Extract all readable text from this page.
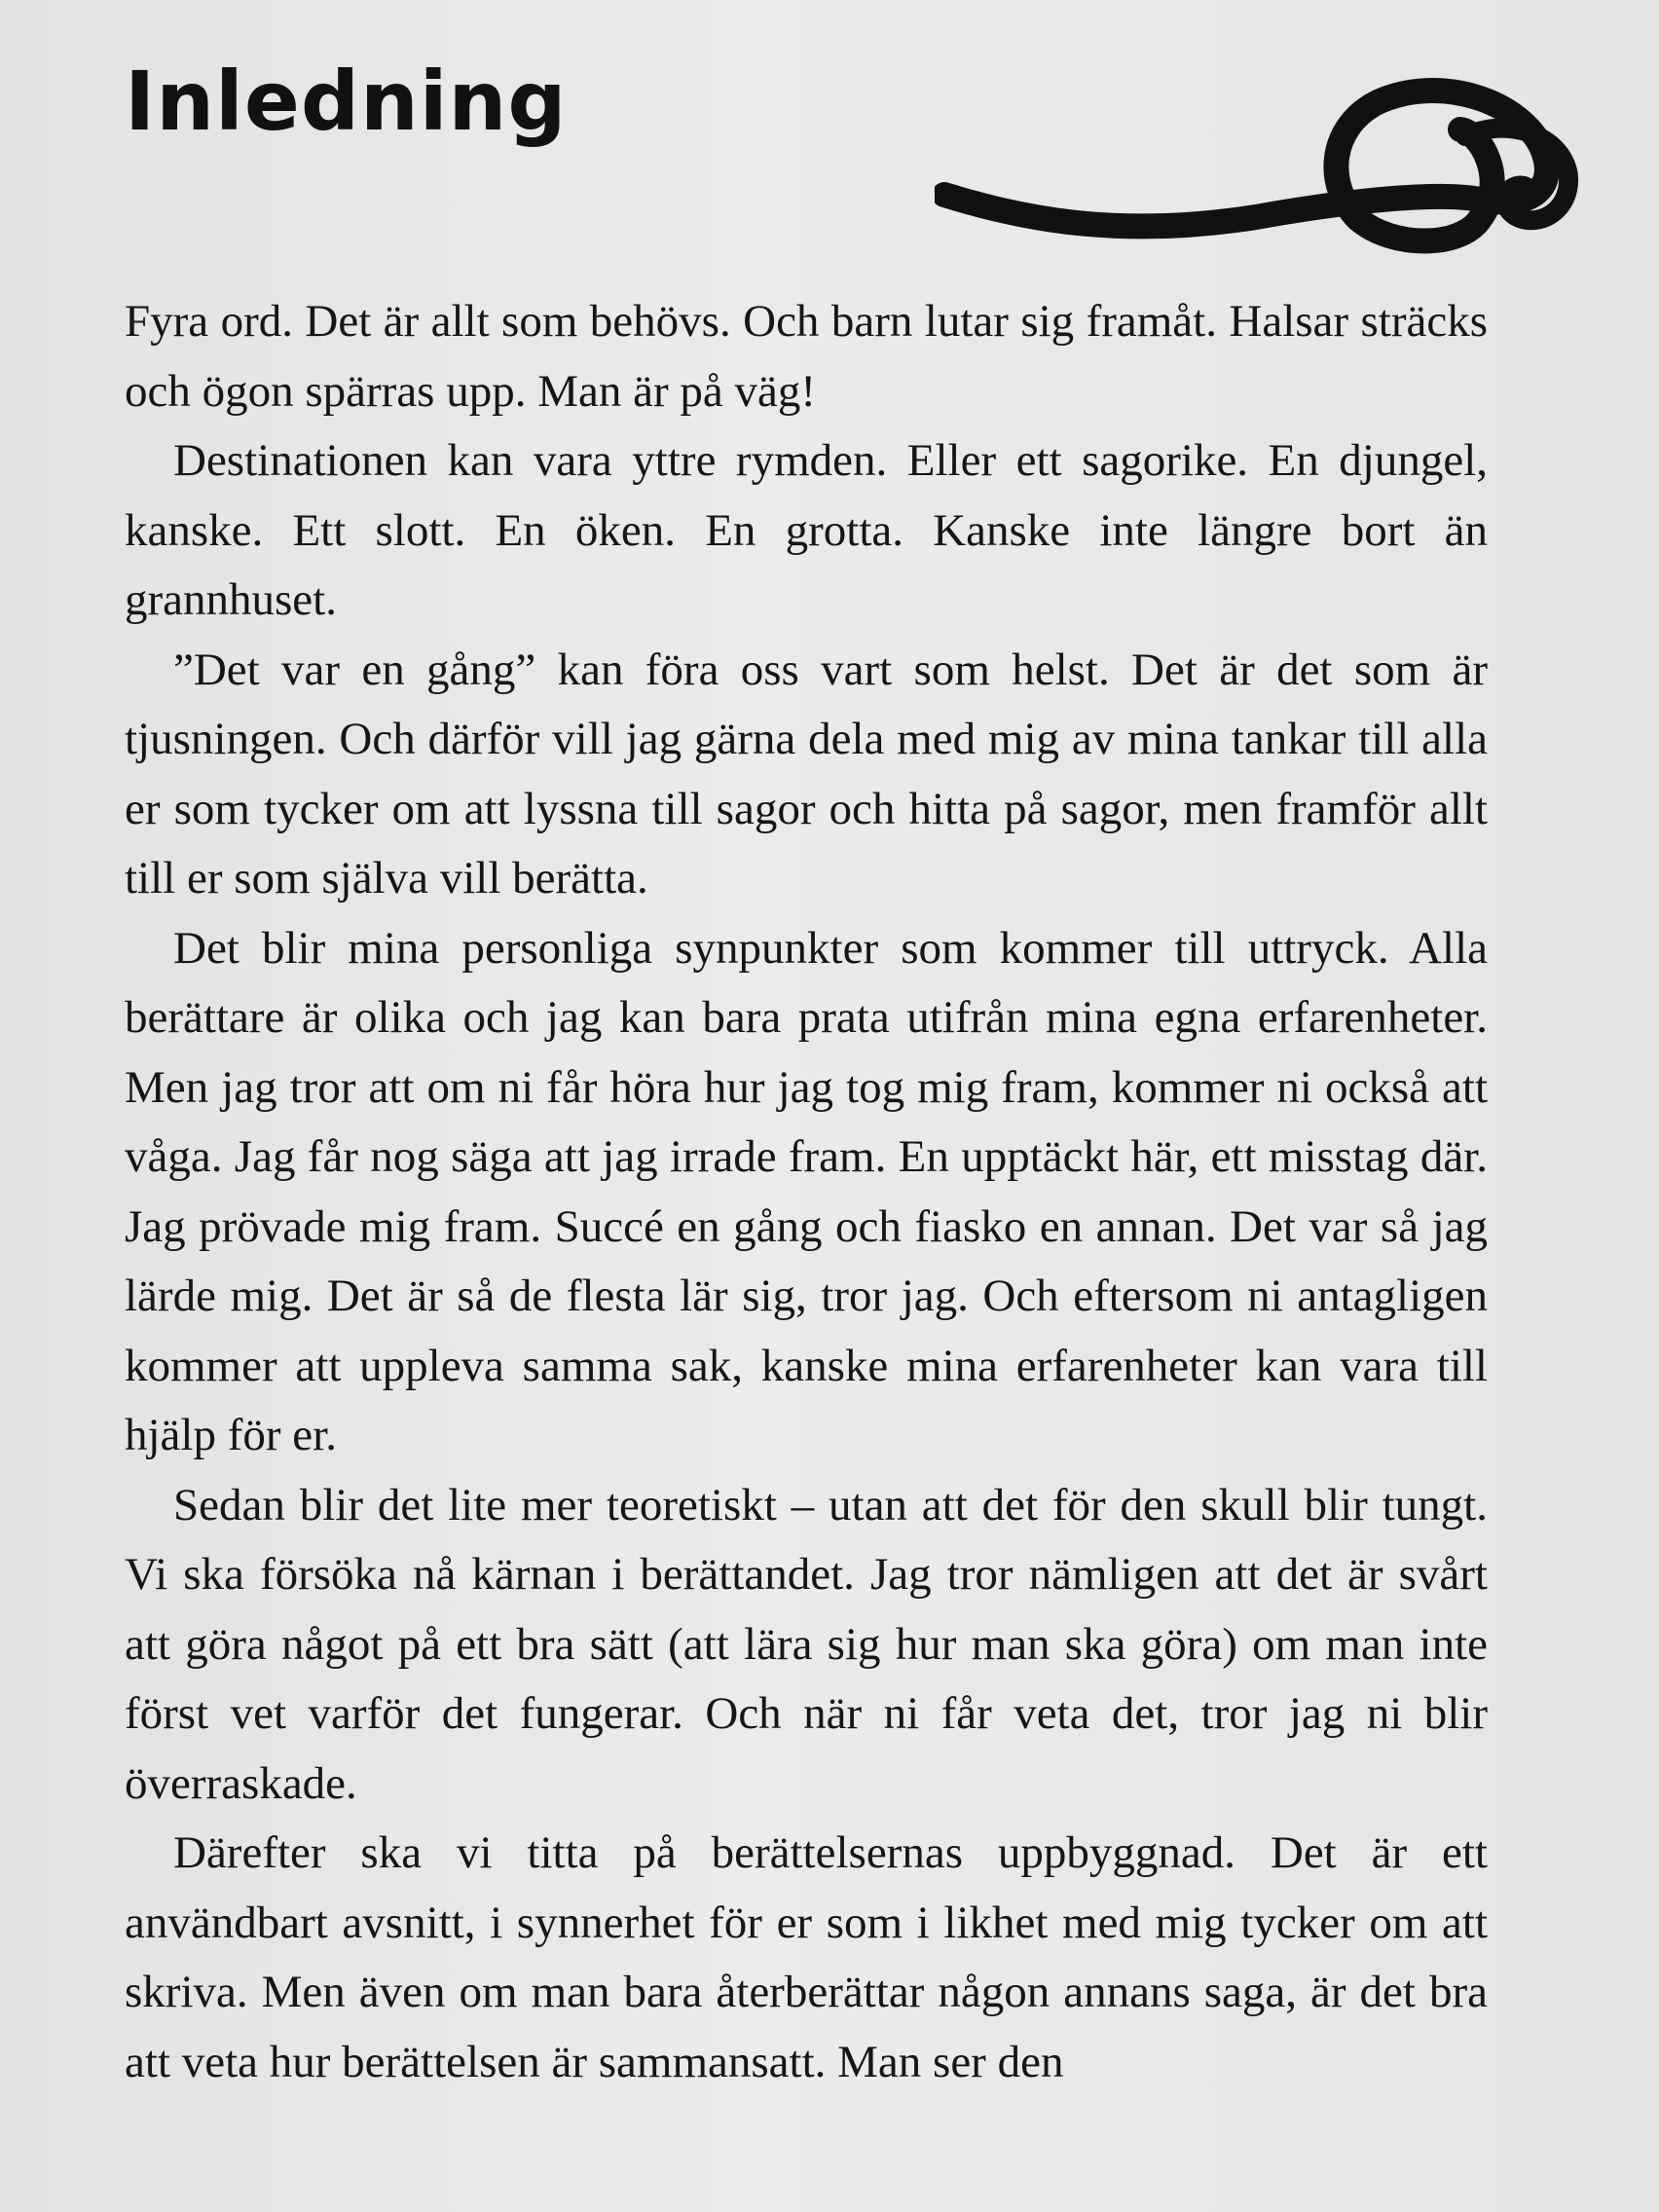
Inledning

Fyra ord. Det är allt som behövs. Och barn lutar sig framåt. Halsar sträcks och ögon spärras upp. Man är på väg!

Destinationen kan vara yttre rymden. Eller ett sagorike. En djungel, kanske. Ett slott. En öken. En grotta. Kanske inte längre bort än grannhuset.

”Det var en gång” kan föra oss vart som helst. Det är det som är tjusningen. Och därför vill jag gärna dela med mig av mina tankar till alla er som tycker om att lyssna till sagor och hitta på sagor, men framför allt till er som själva vill berätta.

Det blir mina personliga synpunkter som kommer till uttryck. Alla berättare är olika och jag kan bara prata utifrån mina egna erfarenheter. Men jag tror att om ni får höra hur jag tog mig fram, kommer ni också att våga. Jag får nog säga att jag irrade fram. En upptäckt här, ett misstag där. Jag prövade mig fram. Succé en gång och fiasko en annan. Det var så jag lärde mig. Det är så de flesta lär sig, tror jag. Och eftersom ni antagligen kommer att uppleva samma sak, kanske mina erfarenheter kan vara till hjälp för er.

Sedan blir det lite mer teoretiskt – utan att det för den skull blir tungt. Vi ska försöka nå kärnan i berättandet. Jag tror nämligen att det är svårt att göra något på ett bra sätt (att lära sig hur man ska göra) om man inte först vet varför det fungerar. Och när ni får veta det, tror jag ni blir överraskade.

Därefter ska vi titta på berättelsernas uppbyggnad. Det är ett användbart avsnitt, i synnerhet för er som i likhet med mig tycker om att skriva. Men även om man bara återberättar någon annans saga, är det bra att veta hur berättelsen är sammansatt. Man ser den
